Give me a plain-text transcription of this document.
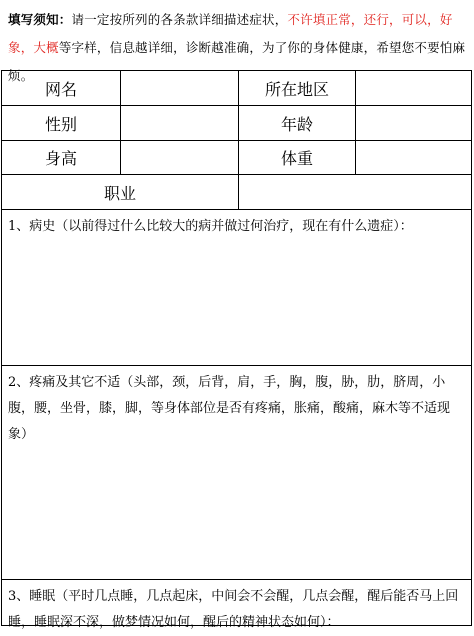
填写须知：请一定按所列的各条款详细描述症状，不许填正常，还行，可以，好象，大概等字样，信息越详细，诊断越准确，为了你的身体健康，希望您不要怕麻烦。
网名	所在地区
性别	年龄
身高	体重
职业
1、病史（以前得过什么比较大的病并做过何治疗，现在有什么遗症）：
2、疼痛及其它不适（头部，颈，后背，肩，手，胸，腹，胁，肋，脐周，小腹，腰，坐骨，膝，脚，等身体部位是否有疼痛，胀痛，酸痛，麻木等不适现象）
3、睡眠（平时几点睡，几点起床，中间会不会醒，几点会醒，醒后能否马上回睡，睡眠深不深，做梦情况如何，醒后的精神状态如何）：
